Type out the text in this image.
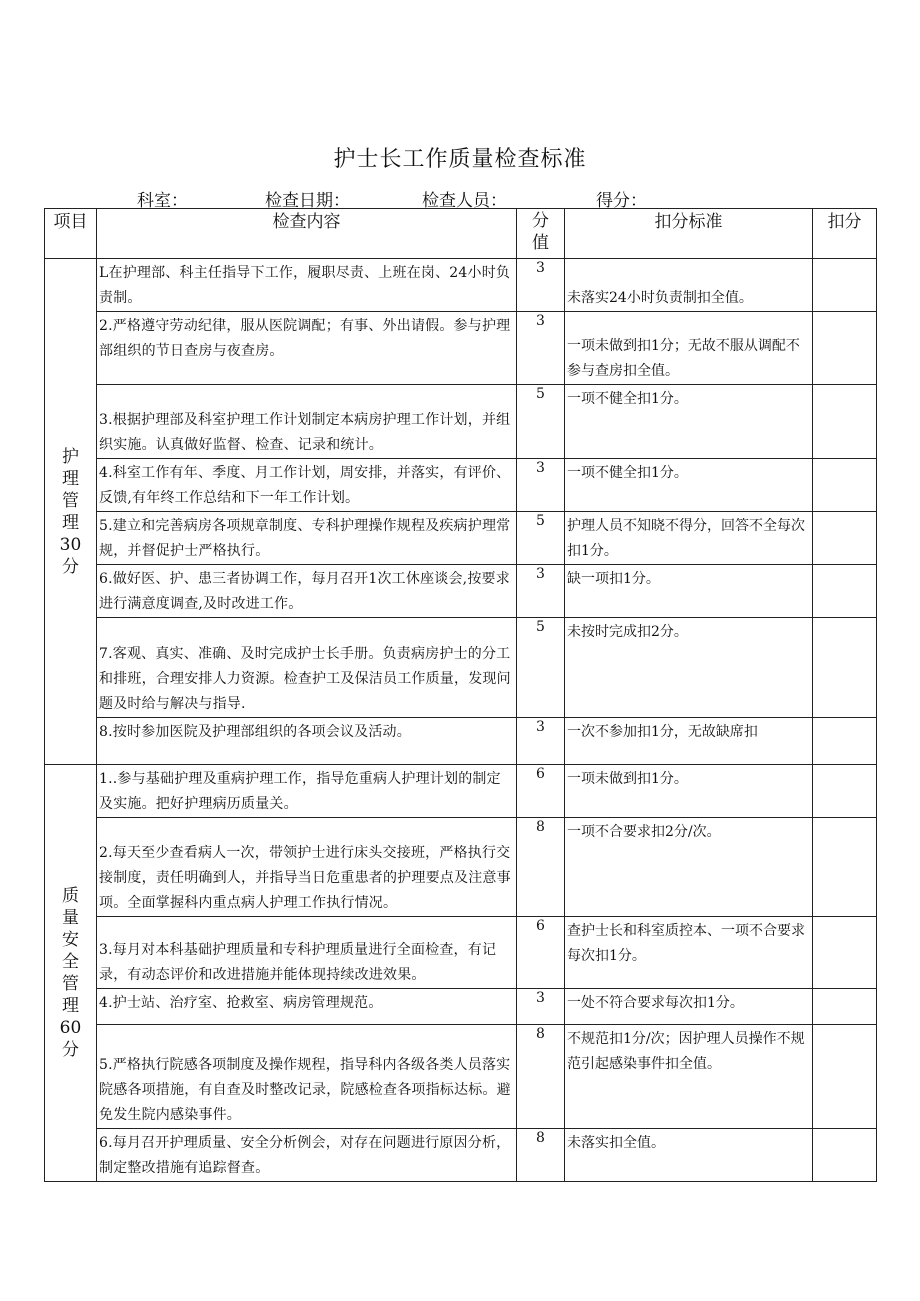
护士长工作质量检查标准
科室：	检查日期：	检查人员：	得分：
项目	检查内容	分值	扣分标准	扣分

护理管理30分	L在护理部、科主任指导下工作，履职尽责、上班在岗、24小时负责制。	3	未落实24小时负责制扣全值。	
	2.严格遵守劳动纪律，服从医院调配；有事、外出请假。参与护理部组织的节日查房与夜查房。	3	一项未做到扣1分；无故不服从调配不参与查房扣全值。	
	3.根据护理部及科室护理工作计划制定本病房护理工作计划，并组织实施。认真做好监督、检查、记录和统计。	5	一项不健全扣1分。	
	4.科室工作有年、季度、月工作计划，周安排，并落实，有评价、反馈,有年终工作总结和下一年工作计划。	3	一项不健全扣1分。	
	5.建立和完善病房各项规章制度、专科护理操作规程及疾病护理常规，并督促护士严格执行。	5	护理人员不知晓不得分，回答不全每次扣1分。	
	6.做好医、护、患三者协调工作，每月召开1次工休座谈会,按要求进行满意度调查,及时改进工作。	3	缺一项扣1分。	
	7.客观、真实、准确、及时完成护士长手册。负责病房护士的分工和排班，合理安排人力资源。检查护工及保洁员工作质量，发现问题及时给与解决与指导.	5	未按时完成扣2分。	
	8.按时参加医院及护理部组织的各项会议及活动。	3	一次不参加扣1分，无故缺席扣	

质量安全管理60分	1..参与基础护理及重病护理工作，指导危重病人护理计划的制定及实施。把好护理病历质量关。	6	一项未做到扣1分。	
	2.每天至少查看病人一次，带领护士进行床头交接班，严格执行交接制度，责任明确到人，并指导当日危重患者的护理要点及注意事项。全面掌握科内重点病人护理工作执行情况。	8	一项不合要求扣2分/次。	
	3.每月对本科基础护理质量和专科护理质量进行全面检查，有记录，有动态评价和改进措施并能体现持续改进效果。	6	查护士长和科室质控本、一项不合要求每次扣1分。	
	4.护士站、治疗室、抢救室、病房管理规范。	3	一处不符合要求每次扣1分。	
	5.严格执行院感各项制度及操作规程，指导科内各级各类人员落实院感各项措施，有自查及时整改记录，院感检查各项指标达标。避免发生院内感染事件。	8	不规范扣1分/次；因护理人员操作不规范引起感染事件扣全值。	
	6.每月召开护理质量、安全分析例会，对存在问题进行原因分析，制定整改措施有追踪督查。	8	未落实扣全值。	
